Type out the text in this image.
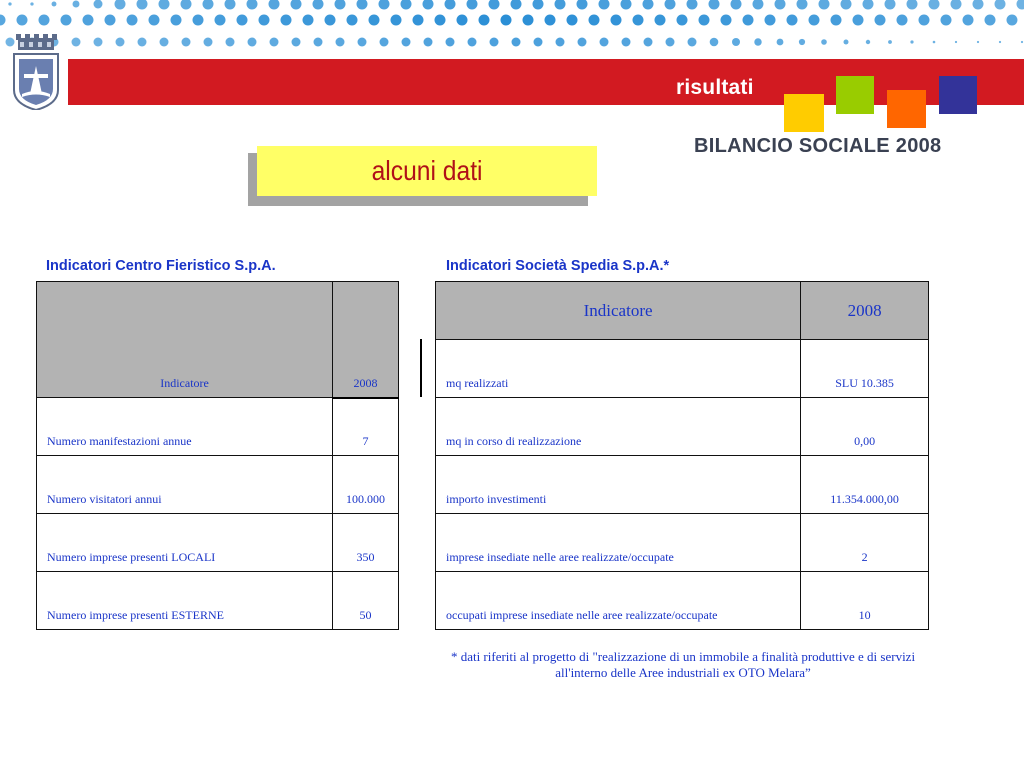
risultati
BILANCIO SOCIALE 2008
alcuni dati
Indicatori Centro Fieristico S.p.A.
Indicatore	2008
Numero manifestazioni annue	7
Numero visitatori annui	100.000
Numero imprese presenti LOCALI	350
Numero imprese presenti ESTERNE	50
Indicatori Società Spedia S.p.A.*
Indicatore	2008
mq realizzati	SLU 10.385
mq in corso di realizzazione	0,00
importo investimenti	11.354.000,00
imprese insediate nelle aree realizzate/occupate	2
occupati imprese insediate nelle aree realizzate/occupate	10
* dati riferiti al progetto di "realizzazione di un immobile a finalità produttive e di servizi all'interno delle Aree industriali ex OTO Melara”
